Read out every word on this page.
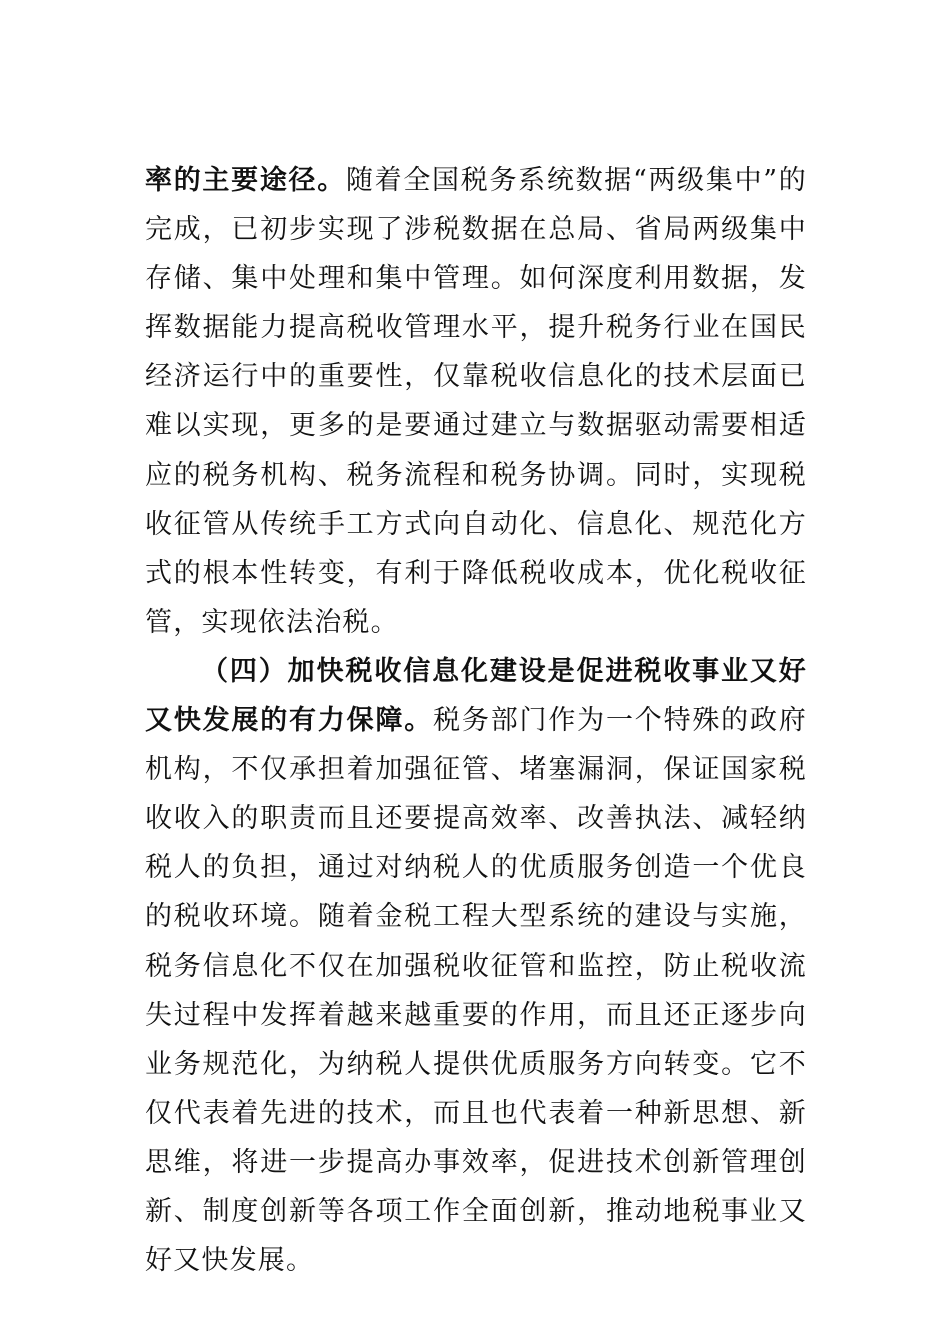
率的主要途径。随着全国税务系统数据“两级集中”的完成，已初步实现了涉税数据在总局、省局两级集中存储、集中处理和集中管理。如何深度利用数据，发挥数据能力提高税收管理水平，提升税务行业在国民经济运行中的重要性，仅靠税收信息化的技术层面已难以实现，更多的是要通过建立与数据驱动需要相适应的税务机构、税务流程和税务协调。同时，实现税收征管从传统手工方式向自动化、信息化、规范化方式的根本性转变，有利于降低税收成本，优化税收征管，实现依法治税。

（四）加快税收信息化建设是促进税收事业又好又快发展的有力保障。税务部门作为一个特殊的政府机构，不仅承担着加强征管、堵塞漏洞，保证国家税收收入的职责而且还要提高效率、改善执法、减轻纳税人的负担，通过对纳税人的优质服务创造一个优良的税收环境。随着金税工程大型系统的建设与实施，税务信息化不仅在加强税收征管和监控，防止税收流失过程中发挥着越来越重要的作用，而且还正逐步向业务规范化，为纳税人提供优质服务方向转变。它不仅代表着先进的技术，而且也代表着一种新思想、新思维，将进一步提高办事效率，促进技术创新管理创新、制度创新等各项工作全面创新，推动地税事业又好又快发展。
